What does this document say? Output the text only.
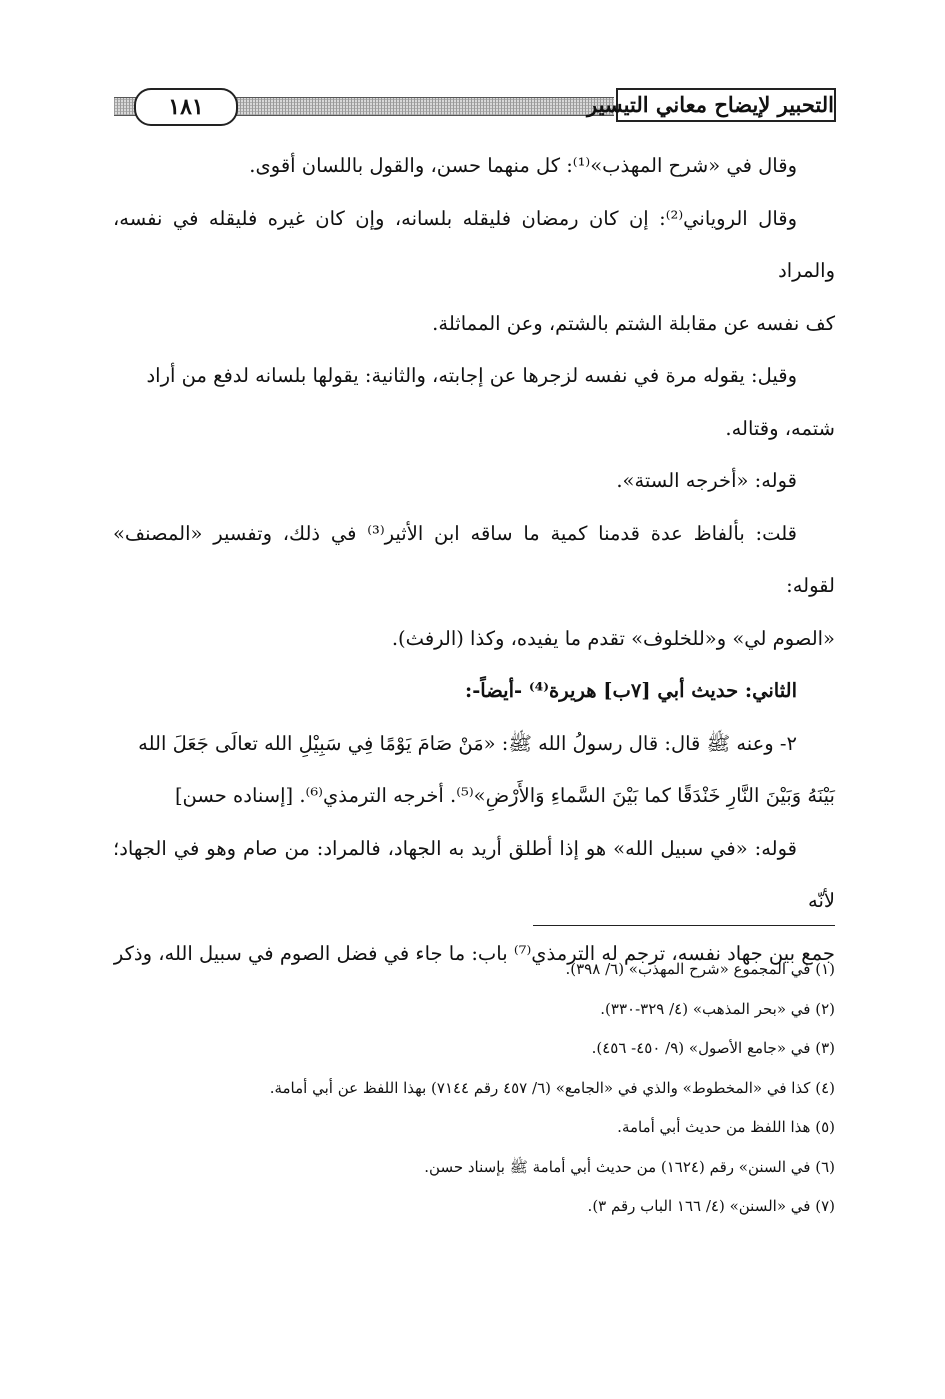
١٨١	التحبير لإيضاح معاني التيسير

وقال في «شرح المهذب»⁽¹⁾: كل منهما حسن، والقول باللسان أقوى.

وقال الروياني⁽²⁾: إن كان رمضان فليقله بلسانه، وإن كان غيره فليقله في نفسه، والمراد

كف نفسه عن مقابلة الشتم بالشتم، وعن المماثلة.

وقيل: يقوله مرة في نفسه لزجرها عن إجابته، والثانية: يقولها بلسانه لدفع من أراد

شتمه، وقتاله.

قوله: «أخرجه الستة».

قلت: بألفاظ عدة قدمنا كمية ما ساقه ابن الأثير⁽³⁾ في ذلك، وتفسير «المصنف» لقوله:

«الصوم لي» و«للخلوف» تقدم ما يفيده، وكذا (الرفث).

الثاني: حديث أبي [٧ب] هريرة⁽⁴⁾ -أيضاً-:

٢- وعنه ﷺ قال: قال رسولُ الله ﷺ: «مَنْ صَامَ يَوْمًا فِي سَبِيْلِ الله تعالَى جَعَلَ الله

بَيْنَهُ وَبَيْنَ النَّارِ خَنْدَقًا كما بَيْنَ السَّماءِ وَالأَرْضِ»⁽⁵⁾. أخرجه الترمذي⁽⁶⁾. [إسناده حسن]

قوله: «في سبيل الله» هو إذا أطلق أريد به الجهاد، فالمراد: من صام وهو في الجهاد؛ لأنّه

جمع بين جهاد نفسه، ترجم له الترمذي⁽⁷⁾ باب: ما جاء في فضل الصوم في سبيل الله، وذكر

(١) في المجموع «شرح المهذب» (٦/ ٣٩٨).
(٢) في «بحر المذهب» (٤/ ٣٢٩-٣٣٠).
(٣) في «جامع الأصول» (٩/ ٤٥٠- ٤٥٦).
(٤) كذا في «المخطوط» والذي في «الجامع» (٦/ ٤٥٧ رقم ٧١٤٤) بهذا اللفظ عن أبي أمامة.
(٥) هذا اللفظ من حديث أبي أمامة.
(٦) في السنن» رقم (١٦٢٤) من حديث أبي أمامة ﷺ بإسناد حسن.
(٧) في «السنن» (٤/ ١٦٦ الباب رقم ٣).
